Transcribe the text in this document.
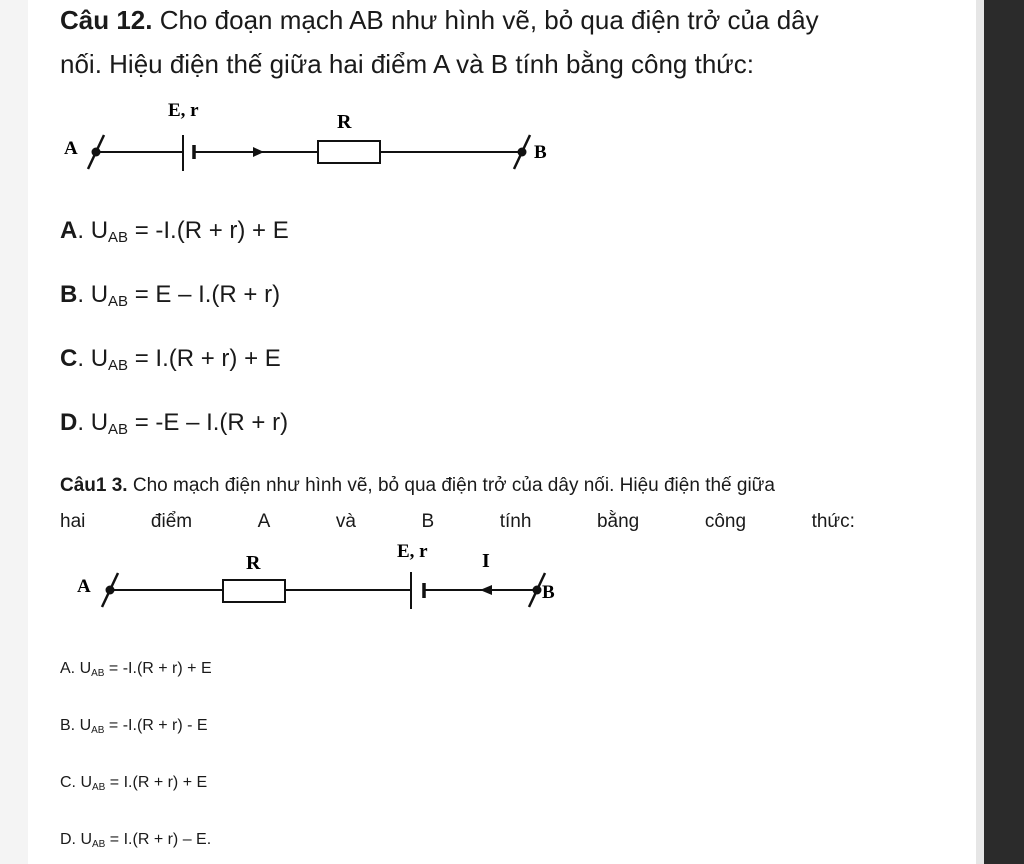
Câu 12. Cho đoạn mạch AB như hình vẽ, bỏ qua điện trở của dây
nối. Hiệu điện thế giữa hai điểm A và B tính bằng công thức:
A
E, r
R
B
A. $U_{AB} = -I.(R + r) + E$
B. $U_{AB} = E - I.(R + r)$
C. $U_{AB} = I.(R + r) + E$
D. $U_{AB} = -E - I.(R + r)$
Câu1 3. Cho mạch điện như hình vẽ, bỏ qua điện trở của dây nối. Hiệu điện thế giữa
hai	điểm	A	và	B	tính	bằng	công	thức:
A
R
E, r	I
B
A. $U_{AB} = -I.(R + r) + E$
B. $U_{AB} = -I.(R + r) - E$
C. $U_{AB} = I.(R + r) + E$
D. $U_{AB} = I.(R + r) - E$.
